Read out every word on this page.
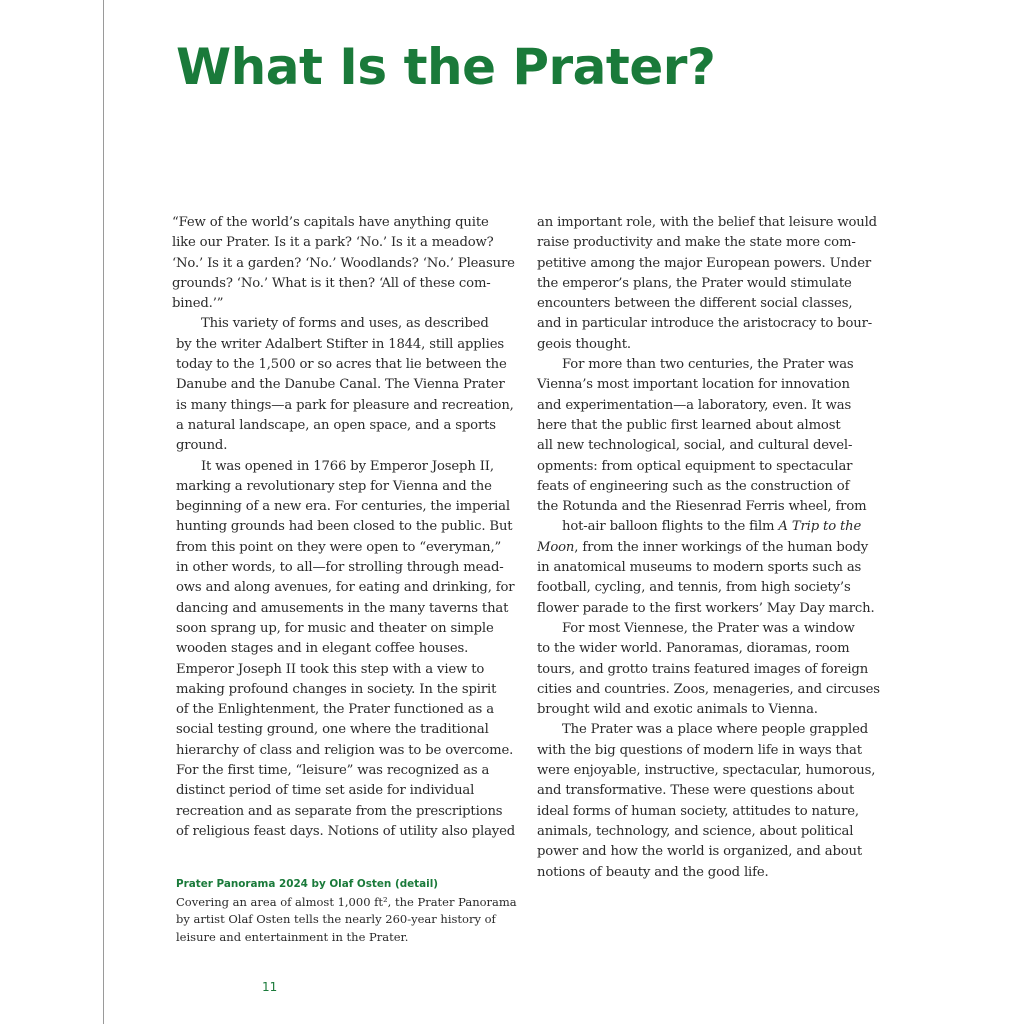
What Is the Prater?

“Few of the world’s capitals have anything quite
like our Prater. Is it a park? ‘No.’ Is it a meadow?
‘No.’ Is it a garden? ‘No.’ Woodlands? ‘No.’ Pleasure
grounds? ‘No.’ What is it then? ‘All of these com-
bined.’”

This variety of forms and uses, as described
by the writer Adalbert Stifter in 1844, still applies
today to the 1,500 or so acres that lie between the
Danube and the Danube Canal. The Vienna Prater
is many things—a park for pleasure and recreation,
a natural landscape, an open space, and a sports
ground.

It was opened in 1766 by Emperor Joseph II,
marking a revolutionary step for Vienna and the
beginning of a new era. For centuries, the imperial
hunting grounds had been closed to the public. But
from this point on they were open to “everyman,”
in other words, to all—for strolling through mead-
ows and along avenues, for eating and drinking, for
dancing and amusements in the many taverns that
soon sprang up, for music and theater on simple
wooden stages and in elegant coffee houses.
Emperor Joseph II took this step with a view to
making profound changes in society. In the spirit
of the Enlightenment, the Prater functioned as a
social testing ground, one where the traditional
hierarchy of class and religion was to be overcome.
For the first time, “leisure” was recognized as a
distinct period of time set aside for individual
recreation and as separate from the prescriptions
of religious feast days. Notions of utility also played

an important role, with the belief that leisure would
raise productivity and make the state more com-
petitive among the major European powers. Under
the emperor’s plans, the Prater would stimulate
encounters between the different social classes,
and in particular introduce the aristocracy to bour-
geois thought.

For more than two centuries, the Prater was
Vienna’s most important location for innovation
and experimentation—a laboratory, even. It was
here that the public first learned about almost
all new technological, social, and cultural devel-
opments: from optical equipment to spectacular
feats of engineering such as the construction of
the Rotunda and the Riesenrad Ferris wheel, from
hot-air balloon flights to the film A Trip to the
Moon, from the inner workings of the human body
in anatomical museums to modern sports such as
football, cycling, and tennis, from high society’s
flower parade to the first workers’ May Day march.

For most Viennese, the Prater was a window
to the wider world. Panoramas, dioramas, room
tours, and grotto trains featured images of foreign
cities and countries. Zoos, menageries, and circuses
brought wild and exotic animals to Vienna.

The Prater was a place where people grappled
with the big questions of modern life in ways that
were enjoyable, instructive, spectacular, humorous,
and transformative. These were questions about
ideal forms of human society, attitudes to nature,
animals, technology, and science, about political
power and how the world is organized, and about
notions of beauty and the good life.

Prater Panorama 2024 by Olaf Osten (detail)

Covering an area of almost 1,000 ft², the Prater Panorama
by artist Olaf Osten tells the nearly 260-year history of
leisure and entertainment in the Prater.

11
